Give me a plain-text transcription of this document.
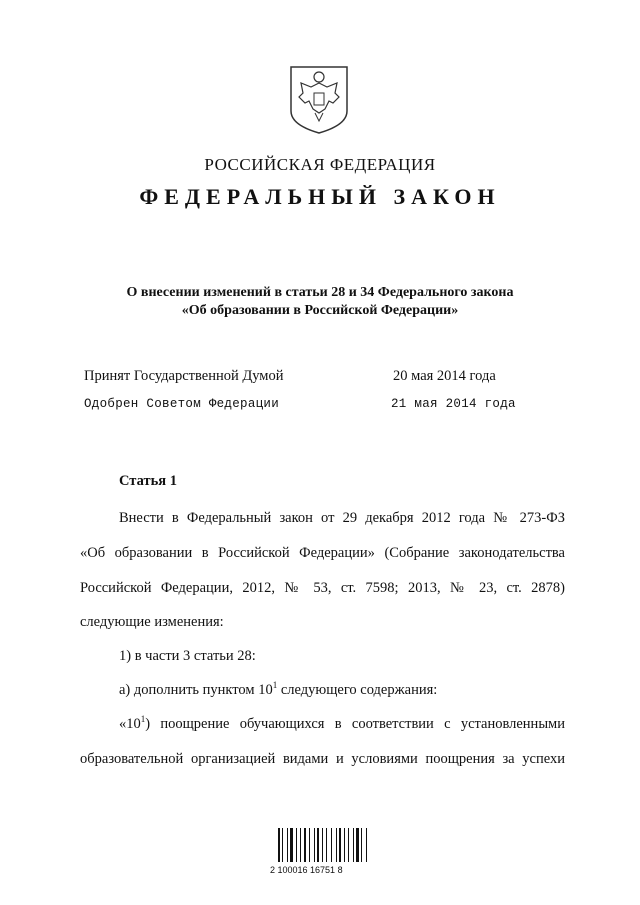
РОССИЙСКАЯ ФЕДЕРАЦИЯ
ФЕДЕРАЛЬНЫЙ ЗАКОН
О внесении изменений в статьи 28 и 34 Федерального закона
«Об образовании в Российской Федерации»
Принят Государственной Думой	20 мая 2014 года
Одобрен Советом Федерации	21 мая 2014 года
Статья 1
Внести в Федеральный закон от 29 декабря 2012 года № 273-ФЗ
«Об образовании в Российской Федерации» (Собрание законодательства
Российской Федерации, 2012, № 53, ст. 7598; 2013, № 23, ст. 2878)
следующие изменения:
1) в части 3 статьи 28:
а) дополнить пунктом $10^1$ следующего содержания:
«$10^1$) поощрение обучающихся в соответствии с установленными
образовательной организацией видами и условиями поощрения за успехи
2 100016 16751 8
